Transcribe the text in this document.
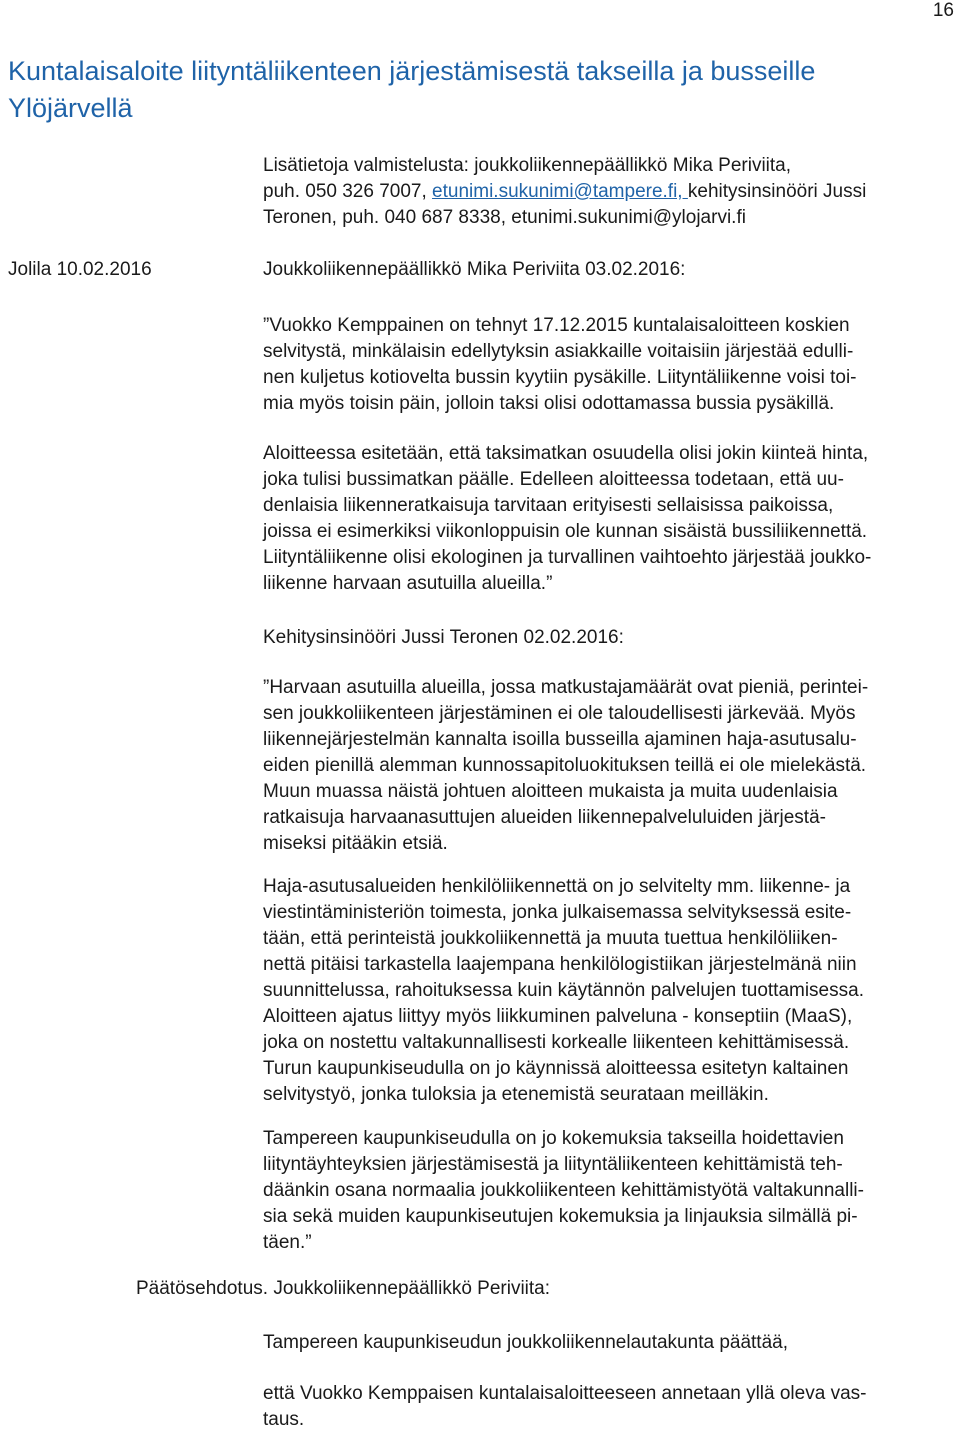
16
Kuntalaisaloite liityntäliikenteen järjestämisestä takseilla ja busseille
Ylöjärvellä
Lisätietoja valmistelusta: joukkoliikennepäällikkö Mika Periviita,
puh. 050 326 7007, etunimi.sukunimi@tampere.fi, kehitysinsinööri Jussi
Teronen, puh. 040 687 8338, etunimi.sukunimi@ylojarvi.fi
Jolila 10.02.2016	Joukkoliikennepäällikkö Mika Periviita 03.02.2016:
”Vuokko Kemppainen on tehnyt 17.12.2015 kuntalaisaloitteen koskien
selvitystä, minkälaisin edellytyksin asiakkaille voitaisiin järjestää edulli-
nen kuljetus kotiovelta bussin kyytiin pysäkille. Liityntäliikenne voisi toi-
mia myös toisin päin, jolloin taksi olisi odottamassa bussia pysäkillä.
Aloitteessa esitetään, että taksimatkan osuudella olisi jokin kiinteä hinta,
joka tulisi bussimatkan päälle. Edelleen aloitteessa todetaan, että uu-
denlaisia liikenneratkaisuja tarvitaan erityisesti sellaisissa paikoissa,
joissa ei esimerkiksi viikonloppuisin ole kunnan sisäistä bussiliikennettä.
Liityntäliikenne olisi ekologinen ja turvallinen vaihtoehto järjestää joukko-
liikenne harvaan asutuilla alueilla.”
Kehitysinsinööri Jussi Teronen 02.02.2016:
”Harvaan asutuilla alueilla, jossa matkustajamäärät ovat pieniä, perintei-
sen joukkoliikenteen järjestäminen ei ole taloudellisesti järkevää. Myös
liikennejärjestelmän kannalta isoilla busseilla ajaminen haja-asutusalu-
eiden pienillä alemman kunnossapitoluokituksen teillä ei ole mielekästä.
Muun muassa näistä johtuen aloitteen mukaista ja muita uudenlaisia
ratkaisuja harvaanasuttujen alueiden liikennepalveluluiden järjestä-
miseksi pitääkin etsiä.
Haja-asutusalueiden henkilöliikennettä on jo selvitelty mm. liikenne- ja
viestintäministeriön toimesta, jonka julkaisemassa selvityksessä esite-
tään, että perinteistä joukkoliikennettä ja muuta tuettua henkilöliiken-
nettä pitäisi tarkastella laajempana henkilölogistiikan järjestelmänä niin
suunnittelussa, rahoituksessa kuin käytännön palvelujen tuottamisessa.
Aloitteen ajatus liittyy myös liikkuminen palveluna - konseptiin (MaaS),
joka on nostettu valtakunnallisesti korkealle liikenteen kehittämisessä.
Turun kaupunkiseudulla on jo käynnissä aloitteessa esitetyn kaltainen
selvitystyö, jonka tuloksia ja etenemistä seurataan meilläkin.
Tampereen kaupunkiseudulla on jo kokemuksia takseilla hoidettavien
liityntäyhteyksien järjestämisestä ja liityntäliikenteen kehittämistä teh-
däänkin osana normaalia joukkoliikenteen kehittämistyötä valtakunnalli-
sia sekä muiden kaupunkiseutujen kokemuksia ja linjauksia silmällä pi-
täen.”
Päätösehdotus. Joukkoliikennepäällikkö Periviita:
Tampereen kaupunkiseudun joukkoliikennelautakunta päättää,
että Vuokko Kemppaisen kuntalaisaloitteeseen annetaan yllä oleva vas-
taus.
